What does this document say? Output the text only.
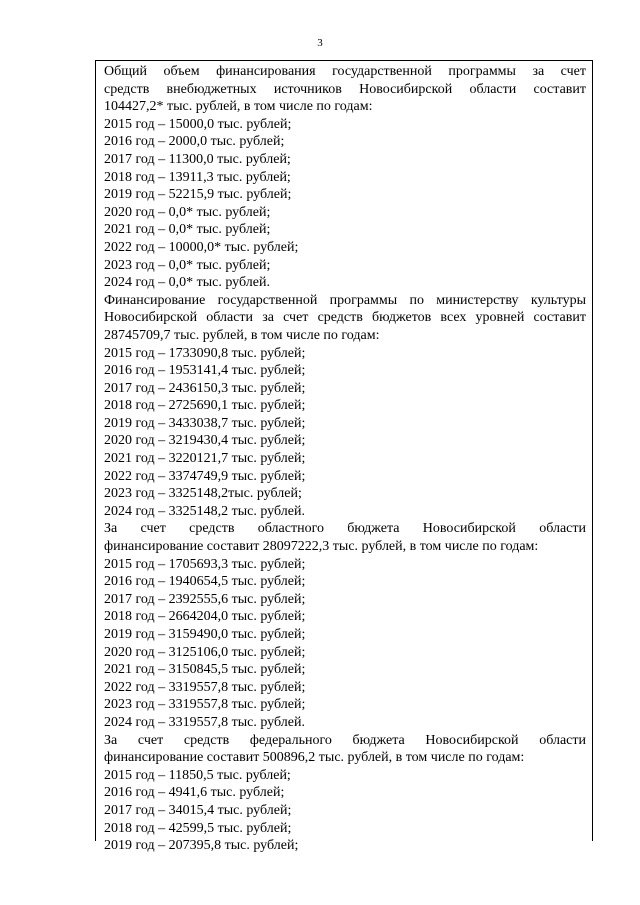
3
Общий объем финансирования государственной программы за счет
средств внебюджетных источников Новосибирской области составит
104427,2* тыс. рублей, в том числе по годам:
2015 год – 15000,0 тыс. рублей;
2016 год – 2000,0 тыс. рублей;
2017 год – 11300,0 тыс. рублей;
2018 год – 13911,3 тыс. рублей;
2019 год – 52215,9 тыс. рублей;
2020 год – 0,0* тыс. рублей;
2021 год – 0,0* тыс. рублей;
2022 год – 10000,0* тыс. рублей;
2023 год – 0,0* тыс. рублей;
2024 год – 0,0* тыс. рублей.
Финансирование государственной программы по министерству культуры
Новосибирской области за счет средств бюджетов всех уровней составит
28745709,7 тыс. рублей, в том числе по годам:
2015 год – 1733090,8 тыс. рублей;
2016 год – 1953141,4 тыс. рублей;
2017 год – 2436150,3 тыс. рублей;
2018 год – 2725690,1 тыс. рублей;
2019 год – 3433038,7 тыс. рублей;
2020 год – 3219430,4 тыс. рублей;
2021 год – 3220121,7 тыс. рублей;
2022 год – 3374749,9 тыс. рублей;
2023 год – 3325148,2тыс. рублей;
2024 год – 3325148,2 тыс. рублей.
За счет средств областного бюджета Новосибирской области
финансирование составит 28097222,3 тыс. рублей, в том числе по годам:
2015 год – 1705693,3 тыс. рублей;
2016 год – 1940654,5 тыс. рублей;
2017 год – 2392555,6 тыс. рублей;
2018 год – 2664204,0 тыс. рублей;
2019 год – 3159490,0 тыс. рублей;
2020 год – 3125106,0 тыс. рублей;
2021 год – 3150845,5 тыс. рублей;
2022 год – 3319557,8 тыс. рублей;
2023 год – 3319557,8 тыс. рублей;
2024 год – 3319557,8 тыс. рублей.
За счет средств федерального бюджета Новосибирской области
финансирование составит 500896,2 тыс. рублей, в том числе по годам:
2015 год – 11850,5 тыс. рублей;
2016 год – 4941,6 тыс. рублей;
2017 год – 34015,4 тыс. рублей;
2018 год – 42599,5 тыс. рублей;
2019 год – 207395,8 тыс. рублей;
